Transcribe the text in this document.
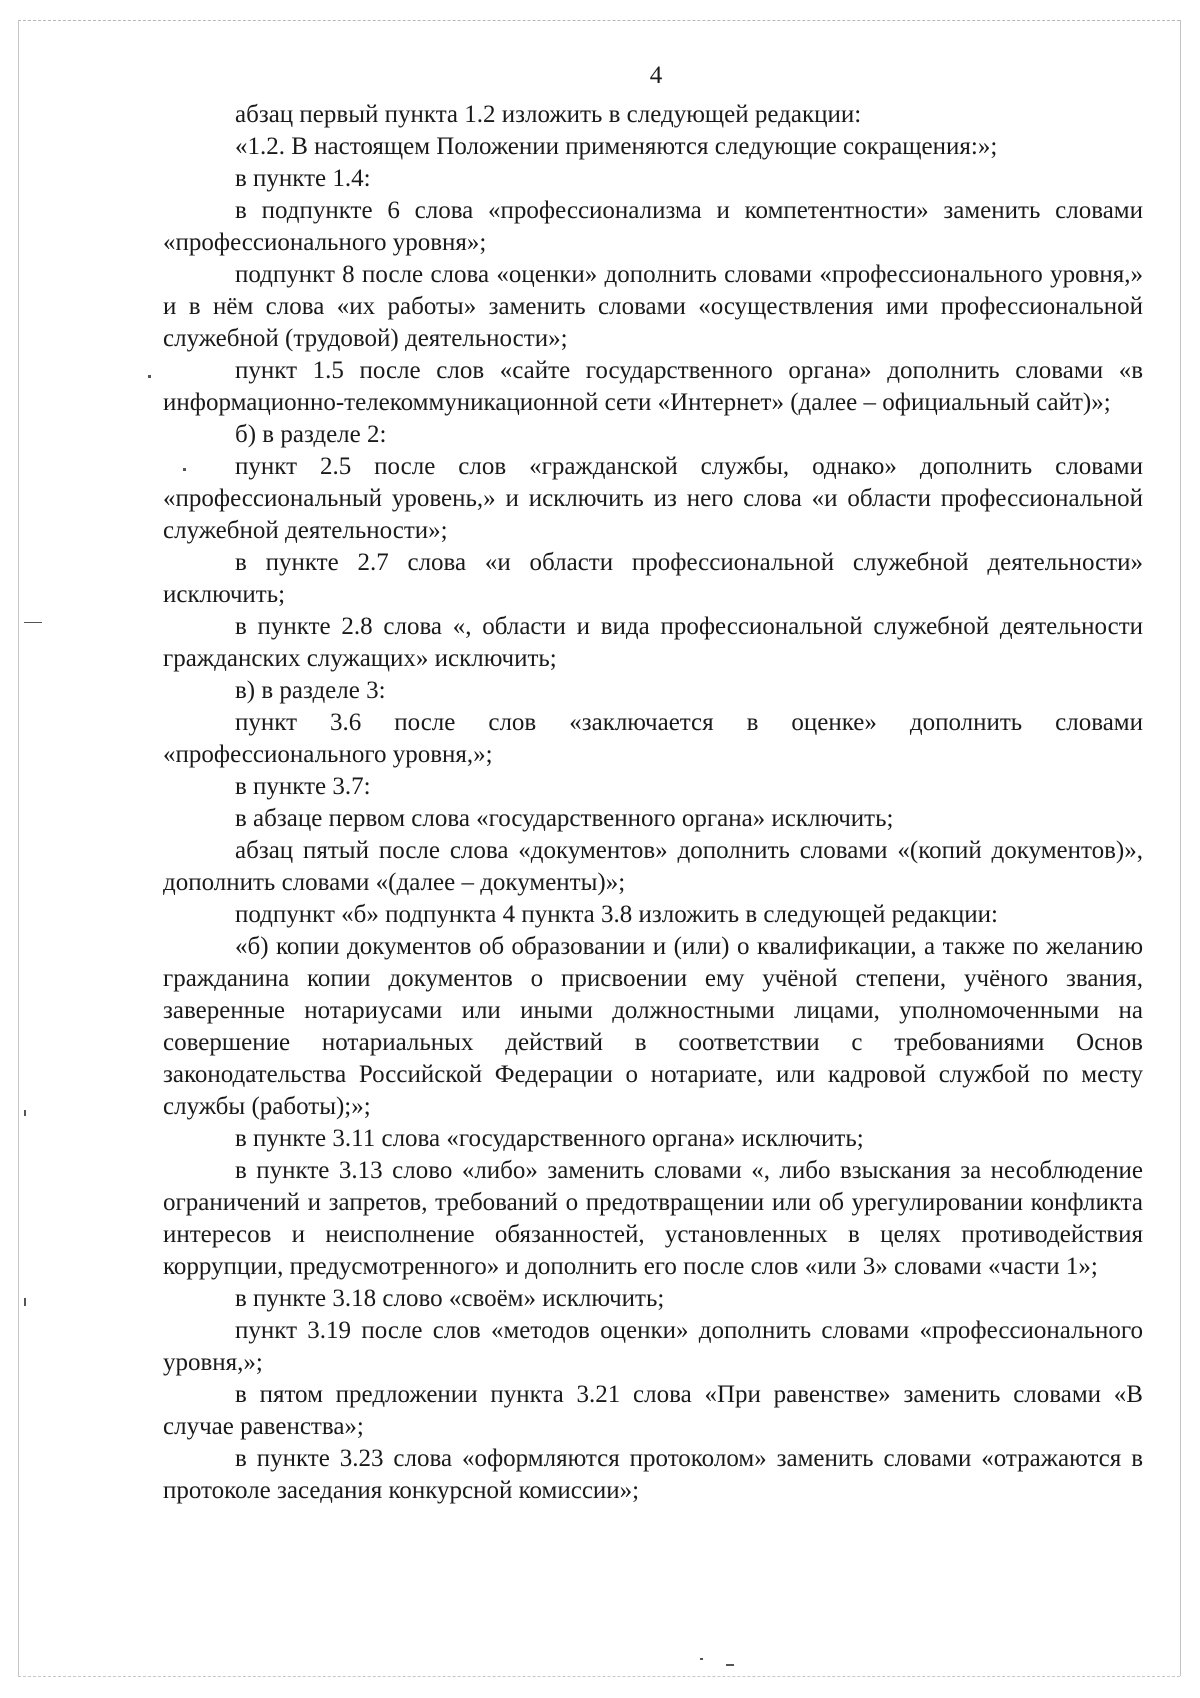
4

абзац первый пункта 1.2 изложить в следующей редакции:

«1.2. В настоящем Положении применяются следующие сокращения:»;

в пункте 1.4:

в подпункте 6 слова «профессионализма и компетентности» заменить словами «профессионального уровня»;

подпункт 8 после слова «оценки» дополнить словами «профессионального уровня,» и в нём слова «их работы» заменить словами «осуществления ими профессиональной служебной (трудовой) деятельности»;

пункт 1.5 после слов «сайте государственного органа» дополнить словами «в информационно-телекоммуникационной сети «Интернет» (далее – официальный сайт)»;

б) в разделе 2:

пункт 2.5 после слов «гражданской службы, однако» дополнить словами «профессиональный уровень,» и исключить из него слова «и области профессиональной служебной деятельности»;

в пункте 2.7 слова «и области профессиональной служебной деятельности» исключить;

в пункте 2.8 слова «, области и вида профессиональной служебной деятельности гражданских служащих» исключить;

в) в разделе 3:

пункт 3.6 после слов «заключается в оценке» дополнить словами «профессионального уровня,»;

в пункте 3.7:

в абзаце первом слова «государственного органа» исключить;

абзац пятый после слова «документов» дополнить словами «(копий документов)», дополнить словами «(далее – документы)»;

подпункт «б» подпункта 4 пункта 3.8 изложить в следующей редакции:

«б) копии документов об образовании и (или) о квалификации, а также по желанию гражданина копии документов о присвоении ему учёной степени, учёного звания, заверенные нотариусами или иными должностными лицами, уполномоченными на совершение нотариальных действий в соответствии с требованиями Основ законодательства Российской Федерации о нотариате, или кадровой службой по месту службы (работы);»;

в пункте 3.11 слова «государственного органа» исключить;

в пункте 3.13 слово «либо» заменить словами «, либо взыскания за несоблюдение ограничений и запретов, требований о предотвращении или об урегулировании конфликта интересов и неисполнение обязанностей, установленных в целях противодействия коррупции, предусмотренного» и дополнить его после слов «или 3» словами «части 1»;

в пункте 3.18 слово «своём» исключить;

пункт 3.19 после слов «методов оценки» дополнить словами «профессионального уровня,»;

в пятом предложении пункта 3.21 слова «При равенстве» заменить словами «В случае равенства»;

в пункте 3.23 слова «оформляются протоколом» заменить словами «отражаются в протоколе заседания конкурсной комиссии»;
